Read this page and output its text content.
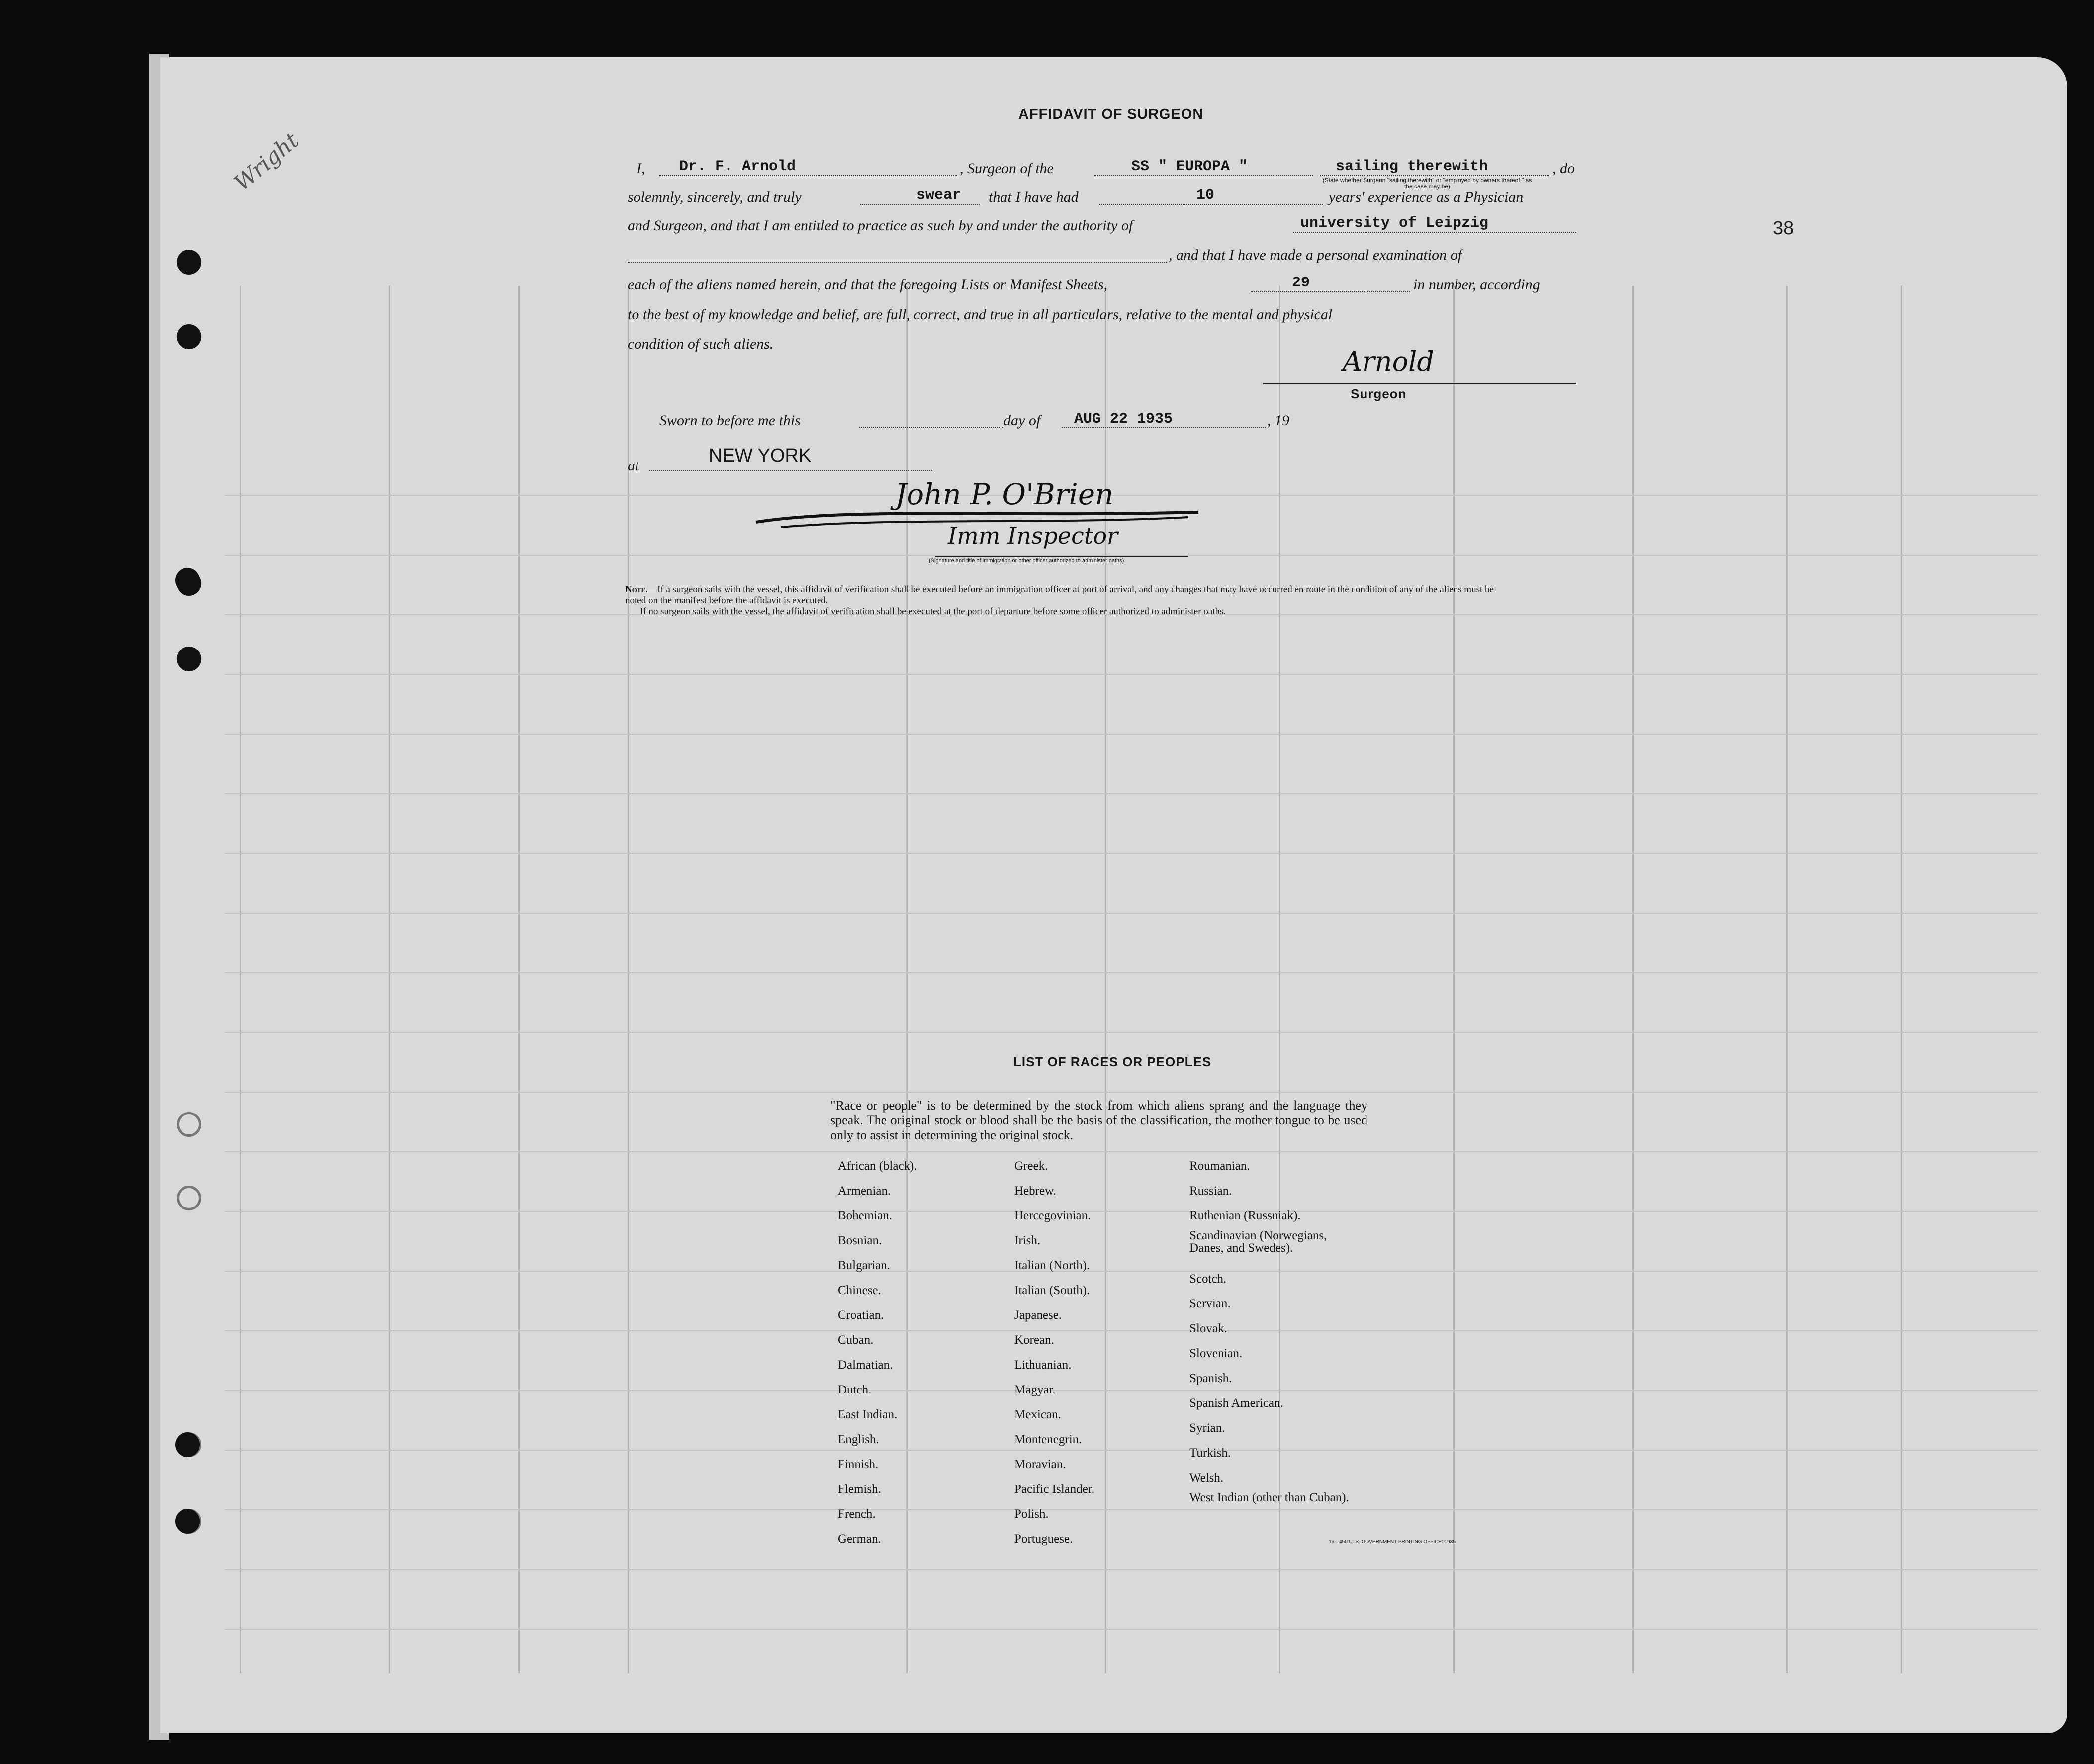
Wright
38
AFFIDAVIT OF SURGEON
I, Dr. F. Arnold	, Surgeon of the	SS " EUROPA "	sailing therewith
(State whether Surgeon "sailing therewith" or "employed by owners thereof," as the case may be)
, do
solemnly, sincerely, and truly	swear that I have had	10	years' experience as a Physician
and Surgeon, and that I am entitled to practice as such by and under the authority of	university of Leipzig
, and that I have made a personal examination of
each of the aliens named herein, and that the foregoing Lists or Manifest Sheets,	29	in number, according
to the best of my knowledge and belief, are full, correct, and true in all particulars, relative to the mental and physical
condition of such aliens.
Arnold
Surgeon
Sworn to before me this	day of AUG 22 1935	, 19
at	NEW YORK
John P. O'Brien
Imm Inspector
(Signature and title of immigration or other officer authorized to administer oaths)
Note.—If a surgeon sails with the vessel, this affidavit of verification shall be executed before an immigration officer at port of arrival, and any changes that may have occurred en route in the condition of any of the aliens must be noted on the manifest before the affidavit is executed.
If no surgeon sails with the vessel, the affidavit of verification shall be executed at the port of departure before some officer authorized to administer oaths.
LIST OF RACES OR PEOPLES
"Race or people" is to be determined by the stock from which aliens sprang and the language they speak. The original stock or blood shall be the basis of the classification, the mother tongue to be used only to assist in determining the original stock.
African (black).
Armenian.
Bohemian.
Bosnian.
Bulgarian.
Chinese.
Croatian.
Cuban.
Dalmatian.
Dutch.
East Indian.
English.
Finnish.
Flemish.
French.
German.
Greek.
Hebrew.
Hercegovinian.
Irish.
Italian (North).
Italian (South).
Japanese.
Korean.
Lithuanian.
Magyar.
Mexican.
Montenegrin.
Moravian.
Pacific Islander.
Polish.
Portuguese.
Roumanian.
Russian.
Ruthenian (Russniak).
Scandinavian (Norwegians, Danes, and Swedes).
Scotch.
Servian.
Slovak.
Slovenian.
Spanish.
Spanish American.
Syrian.
Turkish.
Welsh.
West Indian (other than Cuban).
16—450 U. S. GOVERNMENT PRINTING OFFICE: 1935
